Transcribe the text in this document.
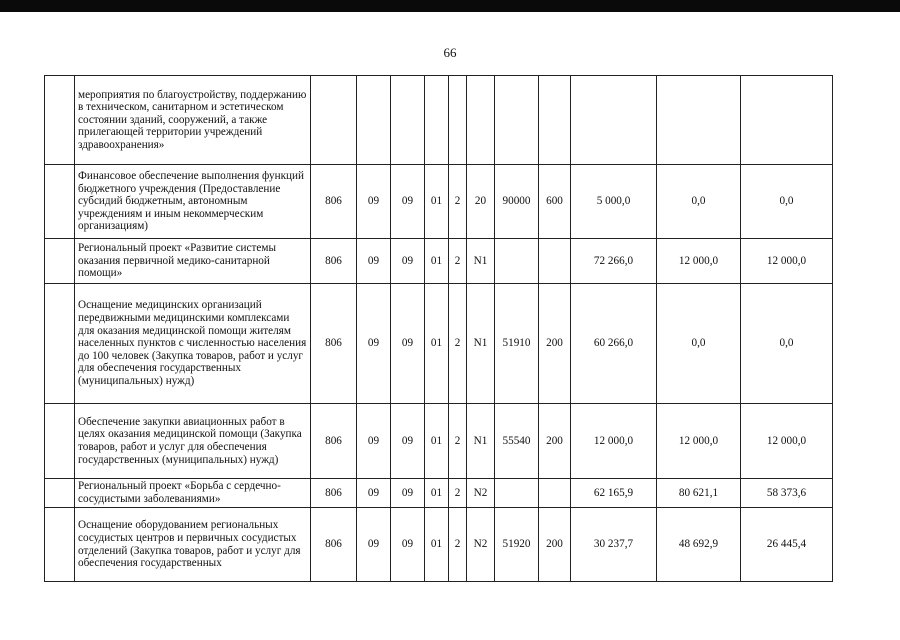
66
	мероприятия по благоустройству, поддержанию в техническом, санитарном и эстетическом состоянии зданий, сооружений, а также прилегающей территории учреждений здравоохранения»											
	Финансовое обеспечение выполнения функций бюджетного учреждения (Предоставление субсидий бюджетным, автономным учреждениям и иным некоммерческим организациям)	806	09	09	01	2	20	90000	600	5 000,0	0,0	0,0
	Региональный проект «Развитие системы оказания первичной медико-санитарной помощи»	806	09	09	01	2	N1			72 266,0	12 000,0	12 000,0
	Оснащение медицинских организаций передвижными медицинскими комплексами для оказания медицинской помощи жителям населенных пунктов с численностью населения до 100 человек (Закупка товаров, работ и услуг для обеспечения государственных (муниципальных) нужд)	806	09	09	01	2	N1	51910	200	60 266,0	0,0	0,0
	Обеспечение закупки авиационных работ в целях оказания медицинской помощи (Закупка товаров, работ и услуг для обеспечения государственных (муниципальных) нужд)	806	09	09	01	2	N1	55540	200	12 000,0	12 000,0	12 000,0
	Региональный проект «Борьба с сердечно-сосудистыми заболеваниями»	806	09	09	01	2	N2			62 165,9	80 621,1	58 373,6
	Оснащение оборудованием региональных сосудистых центров и первичных сосудистых отделений (Закупка товаров, работ и услуг для обеспечения государственных	806	09	09	01	2	N2	51920	200	30 237,7	48 692,9	26 445,4
